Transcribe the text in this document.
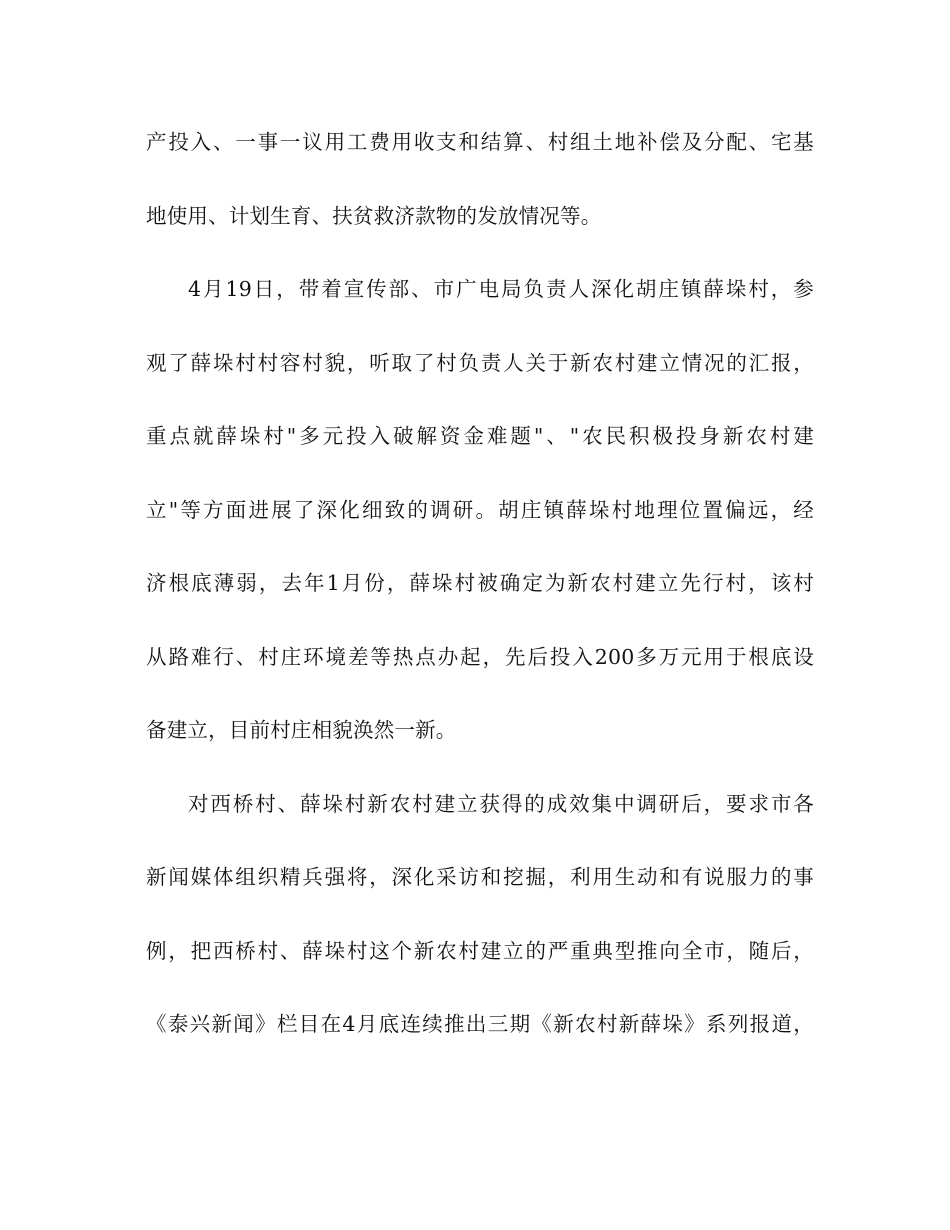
产投入、一事一议用工费用收支和结算、村组土地补偿及分配、宅基
地使用、计划生育、扶贫救济款物的发放情况等。
4月19日，带着宣传部、市广电局负责人深化胡庄镇薛垛村，参
观了薛垛村村容村貌，听取了村负责人关于新农村建立情况的汇报，
重点就薛垛村"多元投入破解资金难题"、"农民积极投身新农村建
立"等方面进展了深化细致的调研。胡庄镇薛垛村地理位置偏远，经
济根底薄弱，去年1月份，薛垛村被确定为新农村建立先行村，该村
从路难行、村庄环境差等热点办起，先后投入200多万元用于根底设
备建立，目前村庄相貌涣然一新。
对西桥村、薛垛村新农村建立获得的成效集中调研后，要求市各
新闻媒体组织精兵强将，深化采访和挖掘，利用生动和有说服力的事
例，把西桥村、薛垛村这个新农村建立的严重典型推向全市，随后，
《泰兴新闻》栏目在4月底连续推出三期《新农村新薛垛》系列报道，
